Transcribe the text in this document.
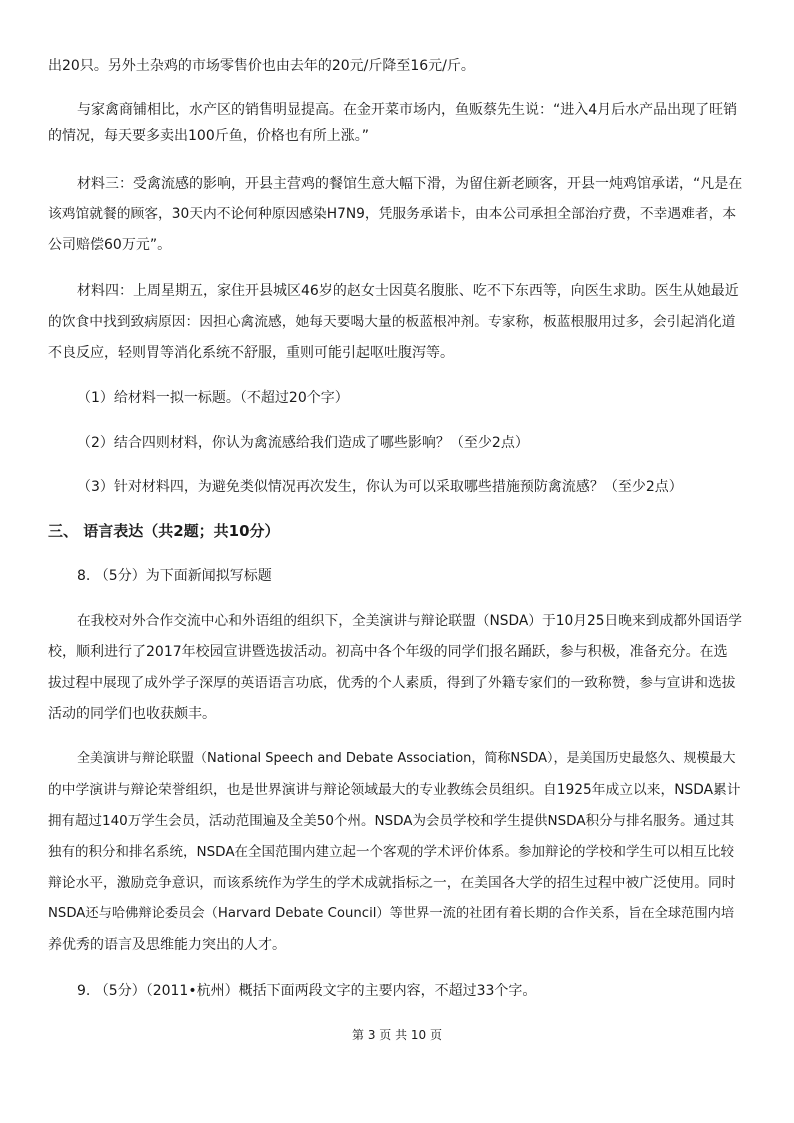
出20只。另外土杂鸡的市场零售价也由去年的20元/斤降至16元/斤。
与家禽商铺相比，水产区的销售明显提高。在金开菜市场内，鱼贩蔡先生说：“进入4月后水产品出现了旺销
的情况，每天要多卖出100斤鱼，价格也有所上涨。”
材料三：受禽流感的影响，开县主营鸡的餐馆生意大幅下滑，为留住新老顾客，开县一炖鸡馆承诺，“凡是在
该鸡馆就餐的顾客，30天内不论何种原因感染H7N9，凭服务承诺卡，由本公司承担全部治疗费，不幸遇难者，本
公司赔偿60万元”。
材料四：上周星期五，家住开县城区46岁的赵女士因莫名腹胀、吃不下东西等，向医生求助。医生从她最近
的饮食中找到致病原因：因担心禽流感，她每天要喝大量的板蓝根冲剂。专家称，板蓝根服用过多，会引起消化道
不良反应，轻则胃等消化系统不舒服，重则可能引起呕吐腹泻等。
（1）给材料一拟一标题。（不超过20个字）
（2）结合四则材料，你认为禽流感给我们造成了哪些影响？（至少2点）
（3）针对材料四，为避免类似情况再次发生，你认为可以采取哪些措施预防禽流感？（至少2点）
三、 语言表达（共2题；共10分）
8. （5分）为下面新闻拟写标题
在我校对外合作交流中心和外语组的组织下，全美演讲与辩论联盟（NSDA）于10月25日晚来到成都外国语学
校，顺利进行了2017年校园宣讲暨选拔活动。初高中各个年级的同学们报名踊跃，参与积极，准备充分。在选
拔过程中展现了成外学子深厚的英语语言功底，优秀的个人素质，得到了外籍专家们的一致称赞，参与宣讲和选拔
活动的同学们也收获颇丰。
全美演讲与辩论联盟（National Speech and Debate Association，简称NSDA），是美国历史最悠久、规模最大
的中学演讲与辩论荣誉组织，也是世界演讲与辩论领域最大的专业教练会员组织。自1925年成立以来，NSDA累计
拥有超过140万学生会员，活动范围遍及全美50个州。NSDA为会员学校和学生提供NSDA积分与排名服务。通过其
独有的积分和排名系统，NSDA在全国范围内建立起一个客观的学术评价体系。参加辩论的学校和学生可以相互比较
辩论水平，激励竞争意识，而该系统作为学生的学术成就指标之一，在美国各大学的招生过程中被广泛使用。同时
NSDA还与哈佛辩论委员会（Harvard Debate Council）等世界一流的社团有着长期的合作关系，旨在全球范围内培
养优秀的语言及思维能力突出的人才。
9. （5分）（2011•杭州）概括下面两段文字的主要内容，不超过33个字。
第 3 页 共 10 页
